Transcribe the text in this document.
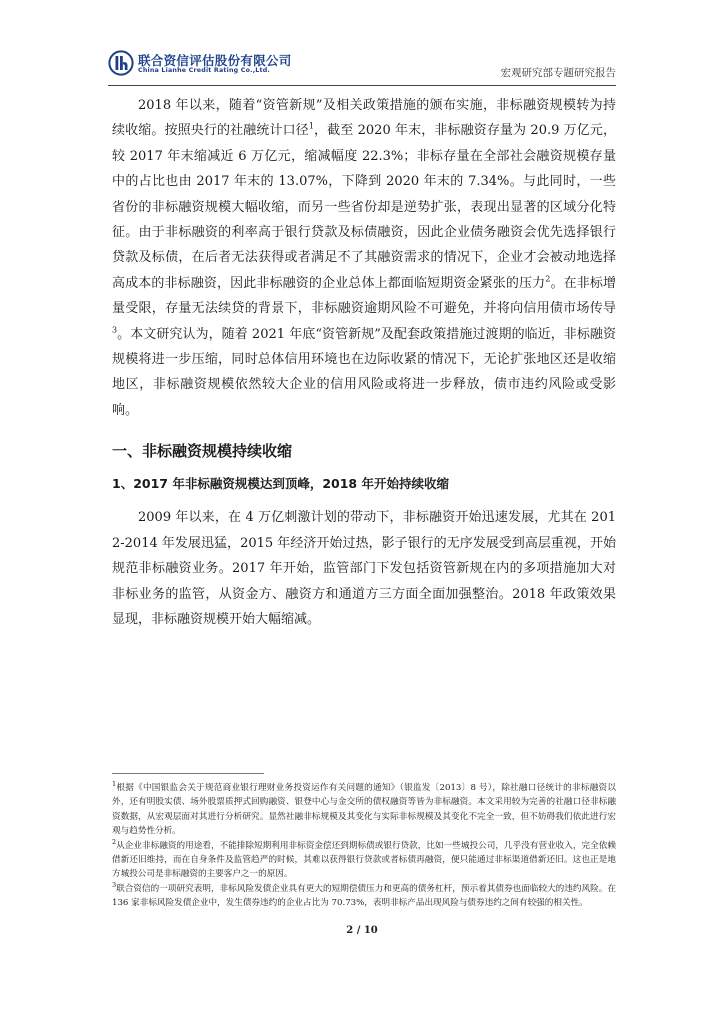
联合资信评估股份有限公司
China Lianhe Credit Rating Co.,Ltd.	宏观研究部专题研究报告

2018 年以来，随着“资管新规”及相关政策措施的颁布实施，非标融资规模转为持续收缩。按照央行的社融统计口径$^1$，截至 2020 年末，非标融资存量为 20.9 万亿元，较 2017 年末缩减近 6 万亿元，缩减幅度 22.3%；非标存量在全部社会融资规模存量中的占比也由 2017 年末的 13.07%，下降到 2020 年末的 7.34%。与此同时，一些省份的非标融资规模大幅收缩，而另一些省份却是逆势扩张，表现出显著的区域分化特征。由于非标融资的利率高于银行贷款及标债融资，因此企业债务融资会优先选择银行贷款及标债，在后者无法获得或者满足不了其融资需求的情况下，企业才会被动地选择高成本的非标融资，因此非标融资的企业总体上都面临短期资金紧张的压力$^2$。在非标增量受限，存量无法续贷的背景下，非标融资逾期风险不可避免，并将向信用债市场传导$^3$。本文研究认为，随着 2021 年底“资管新规”及配套政策措施过渡期的临近，非标融资规模将进一步压缩，同时总体信用环境也在边际收紧的情况下，无论扩张地区还是收缩地区，非标融资规模依然较大企业的信用风险或将进一步释放，债市违约风险或受影响。

一、非标融资规模持续收缩
1、2017 年非标融资规模达到顶峰，2018 年开始持续收缩

2009 年以来，在 4 万亿刺激计划的带动下，非标融资开始迅速发展，尤其在 2012-2014 年发展迅猛，2015 年经济开始过热，影子银行的无序发展受到高层重视，开始规范非标融资业务。2017 年开始，监管部门下发包括资管新规在内的多项措施加大对非标业务的监管，从资金方、融资方和通道方三方面全面加强整治。2018 年政策效果显现，非标融资规模开始大幅缩减。

$^1$根据《中国银监会关于规范商业银行理财业务投资运作有关问题的通知》（银监发〔2013〕8 号），除社融口径统计的非标融资以外，还有明股实债、场外股票质押式回购融资、银登中心与金交所的债权融资等皆为非标融资。本文采用较为完善的社融口径非标融资数据，从宏观层面对其进行分析研究。显然社融非标规模及其变化与实际非标规模及其变化不完全一致，但不妨碍我们依此进行宏观与趋势性分析。

$^2$从企业非标融资的用途看，不能排除短期利用非标资金偿还到期标债或银行贷款，比如一些城投公司，几乎没有营业收入，完全依赖借新还旧维持，而在自身条件及监管趋严的时候，其难以获得银行贷款或者标债再融资，便只能通过非标渠道借新还旧。这也正是地方城投公司是非标融资的主要客户之一的原因。

$^3$联合资信的一项研究表明，非标风险发债企业具有更大的短期偿债压力和更高的债务杠杆，预示着其债券也面临较大的违约风险。在 136 家非标风险发债企业中，发生债券违约的企业占比为 70.73%，表明非标产品出现风险与债券违约之间有较强的相关性。

2 / 10
